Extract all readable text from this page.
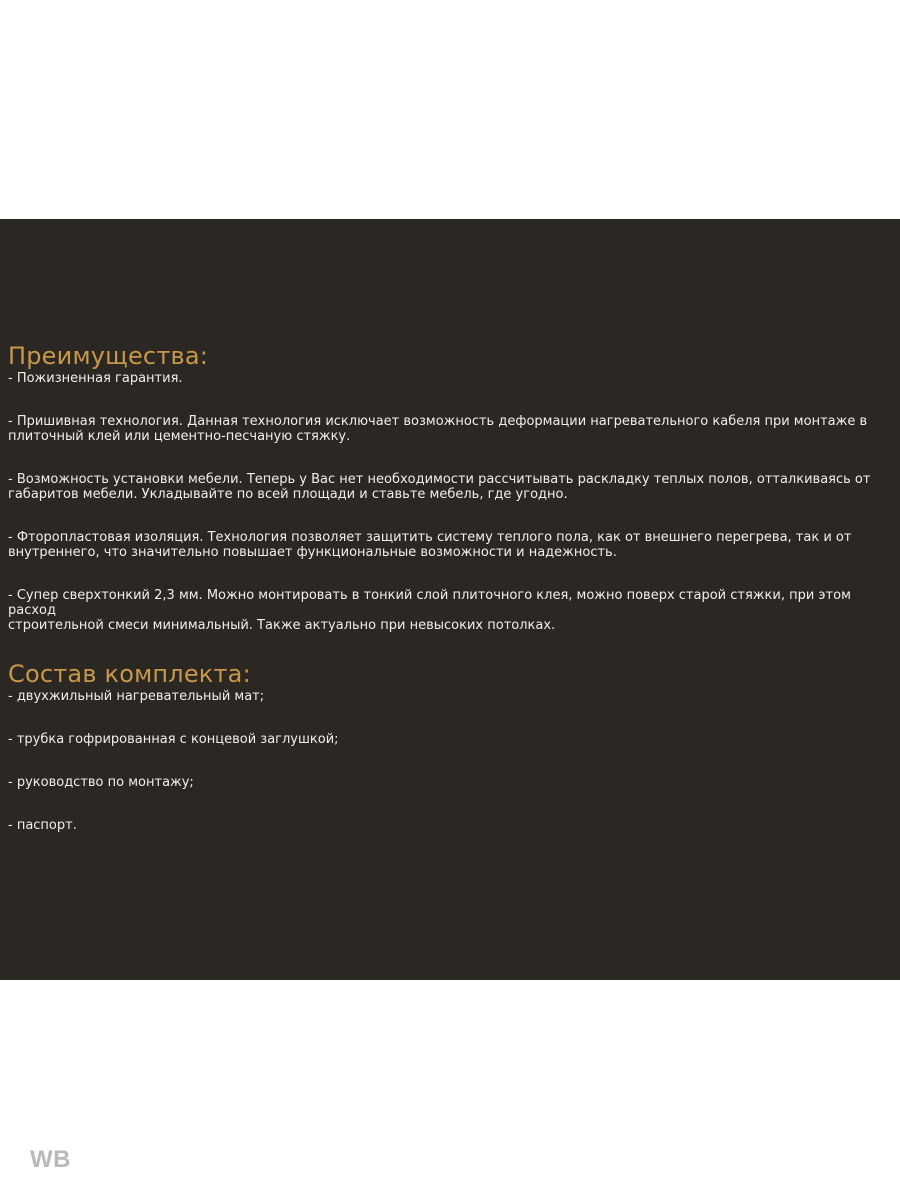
Преимущества:

- Пожизненная гарантия.

- Пришивная технология. Данная технология исключает возможность деформации нагревательного кабеля при монтаже в
плиточный клей или цементно-песчаную стяжку.

- Возможность установки мебели. Теперь у Вас нет необходимости рассчитывать раскладку теплых полов, отталкиваясь от
габаритов мебели. Укладывайте по всей площади и ставьте мебель, где угодно.

- Фторопластовая изоляция. Технология позволяет защитить систему теплого пола, как от внешнего перегрева, так и от
внутреннего, что значительно повышает функциональные возможности и надежность.

- Супер сверхтонкий 2,3 мм. Можно монтировать в тонкий слой плиточного клея, можно поверх старой стяжки, при этом расход
строительной смеси минимальный. Также актуально при невысоких потолках.

Состав комплекта:

- двухжильный нагревательный мат;

- трубка гофрированная с концевой заглушкой;

- руководство по монтажу;

- паспорт.

WB
